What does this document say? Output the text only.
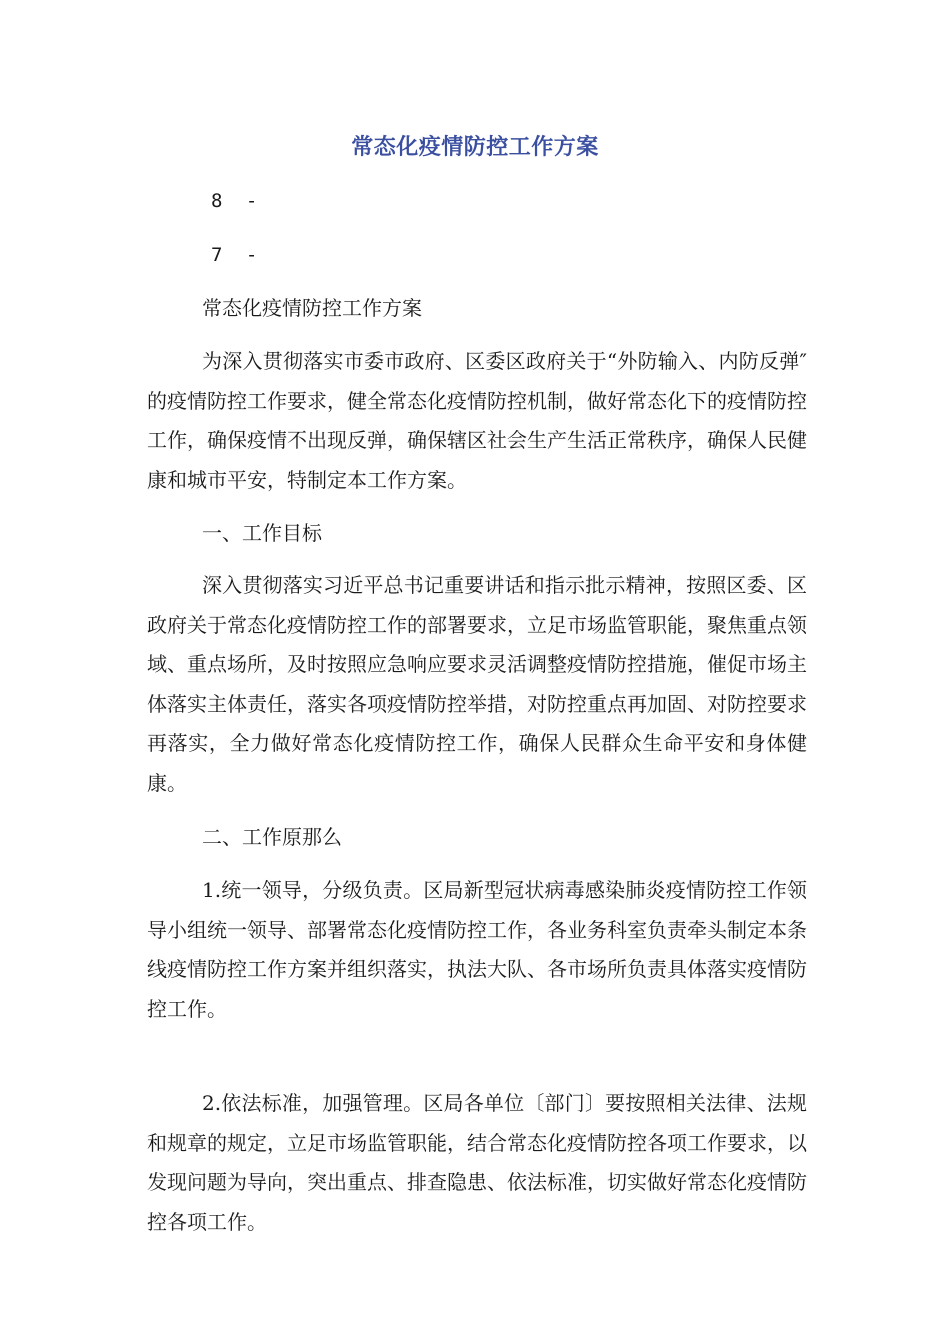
常态化疫情防控工作方案
8 -
7 -

常态化疫情防控工作方案

为深入贯彻落实市委市政府、区委区政府关于“外防输入、内防反弹″的疫情防控工作要求，健全常态化疫情防控机制，做好常态化下的疫情防控工作，确保疫情不出现反弹，确保辖区社会生产生活正常秩序，确保人民健康和城市平安，特制定本工作方案。

一、工作目标

深入贯彻落实习近平总书记重要讲话和指示批示精神，按照区委、区政府关于常态化疫情防控工作的部署要求，立足市场监管职能，聚焦重点领域、重点场所，及时按照应急响应要求灵活调整疫情防控措施，催促市场主体落实主体责任，落实各项疫情防控举措，对防控重点再加固、对防控要求再落实，全力做好常态化疫情防控工作，确保人民群众生命平安和身体健康。

二、工作原那么

1.统一领导，分级负责。区局新型冠状病毒感染肺炎疫情防控工作领导小组统一领导、部署常态化疫情防控工作，各业务科室负责牵头制定本条线疫情防控工作方案并组织落实，执法大队、各市场所负责具体落实疫情防控工作。

2.依法标准，加强管理。区局各单位〔部门〕要按照相关法律、法规和规章的规定，立足市场监管职能，结合常态化疫情防控各项工作要求，以发现问题为导向，突出重点、排查隐患、依法标准，切实做好常态化疫情防控各项工作。
